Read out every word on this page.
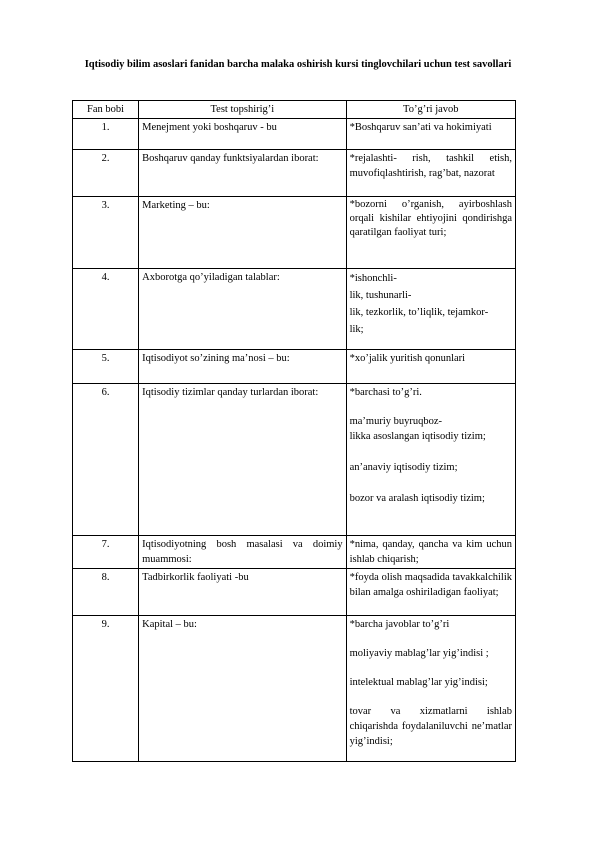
Iqtisodiy bilim asoslari fanidan barcha malaka oshirish kursi tinglovchilari uchun test savollari
Fan bobi	Test topshirig’i	To’g’ri javob
1.	Menejment yoki boshqaruv - bu	*Boshqaruv san’ati va hokimiyati

2.	Boshqaruv qanday funktsiyalardan iborat:	*rejalashti- rish, tashkil etish, muvofiqlashtirish, rag’bat, nazorat

3.	Marketing – bu:	*bozorni o’rganish, ayirboshlash orqali kishilar ehtiyojini qondirishga qaratilgan faoliyat turi;

4.	Axborotga qo’yiladigan talablar:	*ishonchli-

lik, tushunarli-

lik, tezkorlik, to’liqlik, tejamkor-

lik;

5.	Iqtisodiyot so’zining ma’nosi – bu:	*xo’jalik yuritish qonunlari

6.	Iqtisodiy tizimlar qanday turlardan iborat:	*barchasi to’g’ri.

ma’muriy buyruqboz-

likka asoslangan iqtisodiy tizim;

an’anaviy iqtisodiy tizim;

bozor va aralash iqtisodiy tizim;

7.	Iqtisodiyotning bosh masalasi va doimiy muammosi:	*nima, qanday, qancha va kim uchun ishlab chiqarish;

8.	Tadbirkorlik faoliyati -bu	*foyda olish maqsadida tavakkalchilik bilan amalga oshiriladigan faoliyat;

9.	Kapital – bu:	*barcha javoblar to’g’ri

moliyaviy mablag’lar yig’indisi ;

intelektual mablag’lar yig’indisi;

tovar va xizmatlarni ishlab chiqarishda foydalaniluvchi ne’matlar yig’indisi;
